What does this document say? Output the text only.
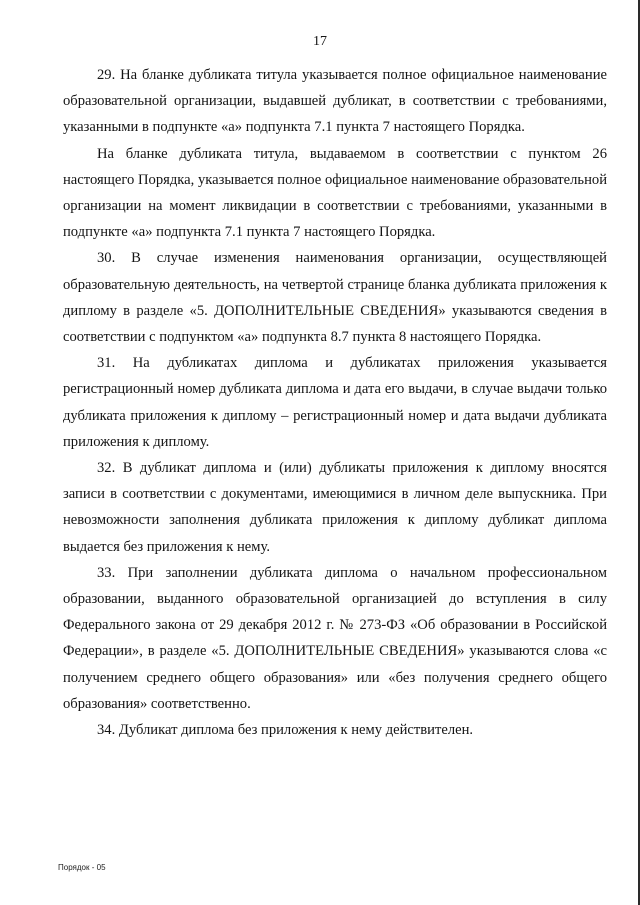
17

29. На бланке дубликата титула указывается полное официальное наименование образовательной организации, выдавшей дубликат, в соответствии с требованиями, указанными в подпункте «а» подпункта 7.1 пункта 7 настоящего Порядка.

На бланке дубликата титула, выдаваемом в соответствии с пунктом 26 настоящего Порядка, указывается полное официальное наименование образовательной организации на момент ликвидации в соответствии с требованиями, указанными в подпункте «а» подпункта 7.1 пункта 7 настоящего Порядка.

30. В случае изменения наименования организации, осуществляющей образовательную деятельность, на четвертой странице бланка дубликата приложения к диплому в разделе «5. ДОПОЛНИТЕЛЬНЫЕ СВЕДЕНИЯ» указываются сведения в соответствии с подпунктом «а» подпункта 8.7 пункта 8 настоящего Порядка.

31. На дубликатах диплома и дубликатах приложения указывается регистрационный номер дубликата диплома и дата его выдачи, в случае выдачи только дубликата приложения к диплому – регистрационный номер и дата выдачи дубликата приложения к диплому.

32. В дубликат диплома и (или) дубликаты приложения к диплому вносятся записи в соответствии с документами, имеющимися в личном деле выпускника. При невозможности заполнения дубликата приложения к диплому дубликат диплома выдается без приложения к нему.

33. При заполнении дубликата диплома о начальном профессиональном образовании, выданного образовательной организацией до вступления в силу Федерального закона от 29 декабря 2012 г. № 273-ФЗ «Об образовании в Российской Федерации», в разделе «5. ДОПОЛНИТЕЛЬНЫЕ СВЕДЕНИЯ» указываются слова «с получением среднего общего образования» или «без получения среднего общего образования» соответственно.

34. Дубликат диплома без приложения к нему действителен.

Порядок - 05
